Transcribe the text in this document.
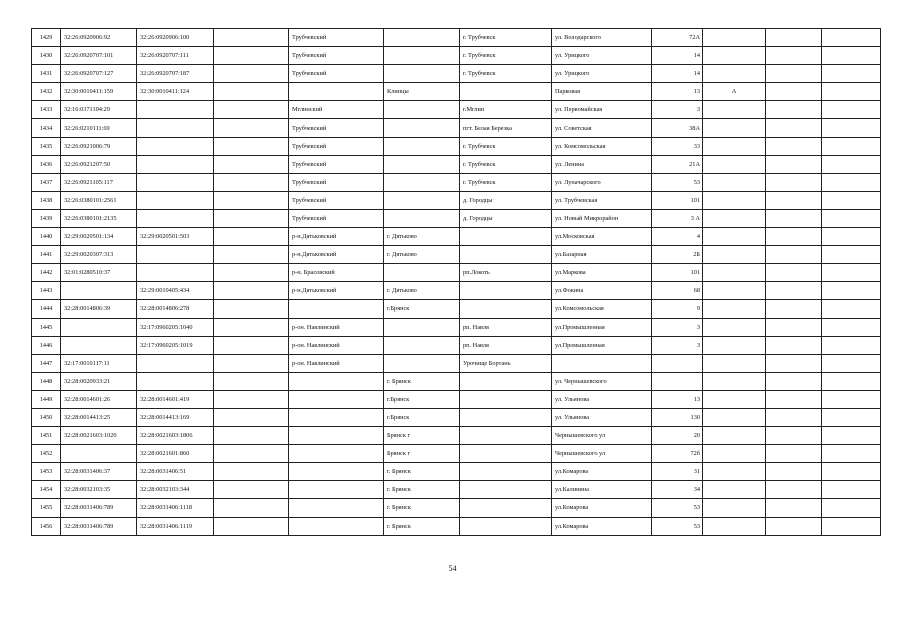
1429	32:26:0920906:92	32:26:0920906:100		Трубчевский		г. Трубчевск	ул. Володарского	72А			
1430	32:26:0920707:101	32:26:0920707:111		Трубчевский		г. Трубчевск	ул. Урицкого	14			
1431	32:26:0920707:127	32:26:0920707:187		Трубчевский		г. Трубчевск	ул. Урицкого	14			
1432	32:30:0010411:159	32:30:0010411:124			Клинцы		Парковая	13	А		
1433	32:16:0371104:29			Мглинский		г.Мглин	ул. Первомайская	3			
1434	32:26:0210111:69			Трубчевский		пгт. Белая Березка	ул. Советская	38А			
1435	32:26:0921006:79			Трубчевский		г. Трубчевск	ул. Комсомольская	33			
1436	32:26:0921207:50			Трубчевский		г. Трубчевск	ул. Ленина	21А			
1437	32:26:0921105:117			Трубчевский		г. Трубчевск	ул. Луначарского	53			
1438	32:26:0380101:2561			Трубчевский		д. Городцы	ул. Трубчевская	101			
1439	32:26:0380101:2135			Трубчевский		д. Городцы	ул. Новый Микрорайон	3 А			
1440	32:29:0020501:134	32:29:0020501:503		р-н.Дятьковский	г. Дятьково		ул.Московская	4			
1441	32:29:0020307:313			р-н.Дятьковский	г. Дятьково		ул.Базарная	2Б			
1442	32:01:0280510:37			р-н. Брасовский		рп.Локоть	ул.Маркова	101			
1443		32:29:0010405:434		р-н.Дятьковский	г. Дятьково		ул.Фокина	68			
1444	32:28:0014806:39	32:28:0014806:278			г.Брянск		ул.Комсомольская	9			
1445		32:17:0960205:1040		р-он. Навлинский		рп. Навля	ул.Промышленная	3			
1446		32:17:0960205:1019		р-он. Навлинский		рп. Навля	ул.Промышленная	3			
1447	32:17:0010117:11			р-он. Навлинский		Урочище Бортань					
1448	32:28:0020933:21				г. Брянск		ул. Чернышевского				
1449	32:28:0014601:26	32:28:0014601:419			г.Брянск		ул. Ульянова	13			
1450	32:28:0014413:25	32:28:0014413:169			г.Брянск		ул. Ульянова	130			
1451	32:28:0021603:1020	32:28:0021603:1806			Брянск г		Чернышевского ул	20			
1452		32:28:0021601:860			Брянск г		Чернышевского ул	72б			
1453	32:28:0031406:37	32:28:0031406:51			г. Брянск		ул.Комарова	31			
1454	32:28:0032103:35	32:28:0032103:344			г. Брянск		ул.Калинина	34			
1455	32:28:0031406:789	32:28:0031406:1118			г. Брянск		ул.Комарова	53			
1456	32:28:0031406:789	32:28:0031406:1119			г. Брянск		ул.Комарова	53			
54
